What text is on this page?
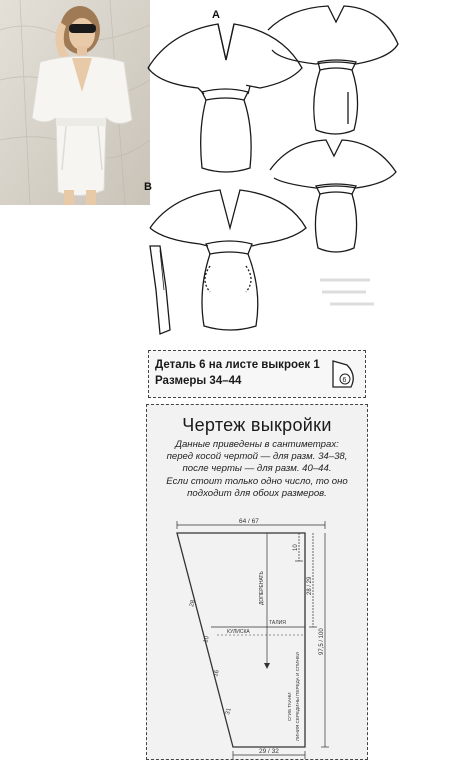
A
B
Деталь 6 на листе выкроек 1
Размеры 34–44	6
Чертеж выкройки
Данные приведены в сантиметрах:
перед косой чертой — для разм. 34–38,
после черты — для разм. 40–44.
Если стоит только одно число, то оно
подходит для обоих размеров.
64 / 67
10
28 / 29
97,5 / 100
28
10
16
31
ДОПЕРЕНАТЬ
ТАЛИЯ
КУЛИСКА
ЛИНИЯ СЕРЕДИНЫ ПЕРЕДА И СПИНКИ
СГИБ ТКАНИ
29 / 32
